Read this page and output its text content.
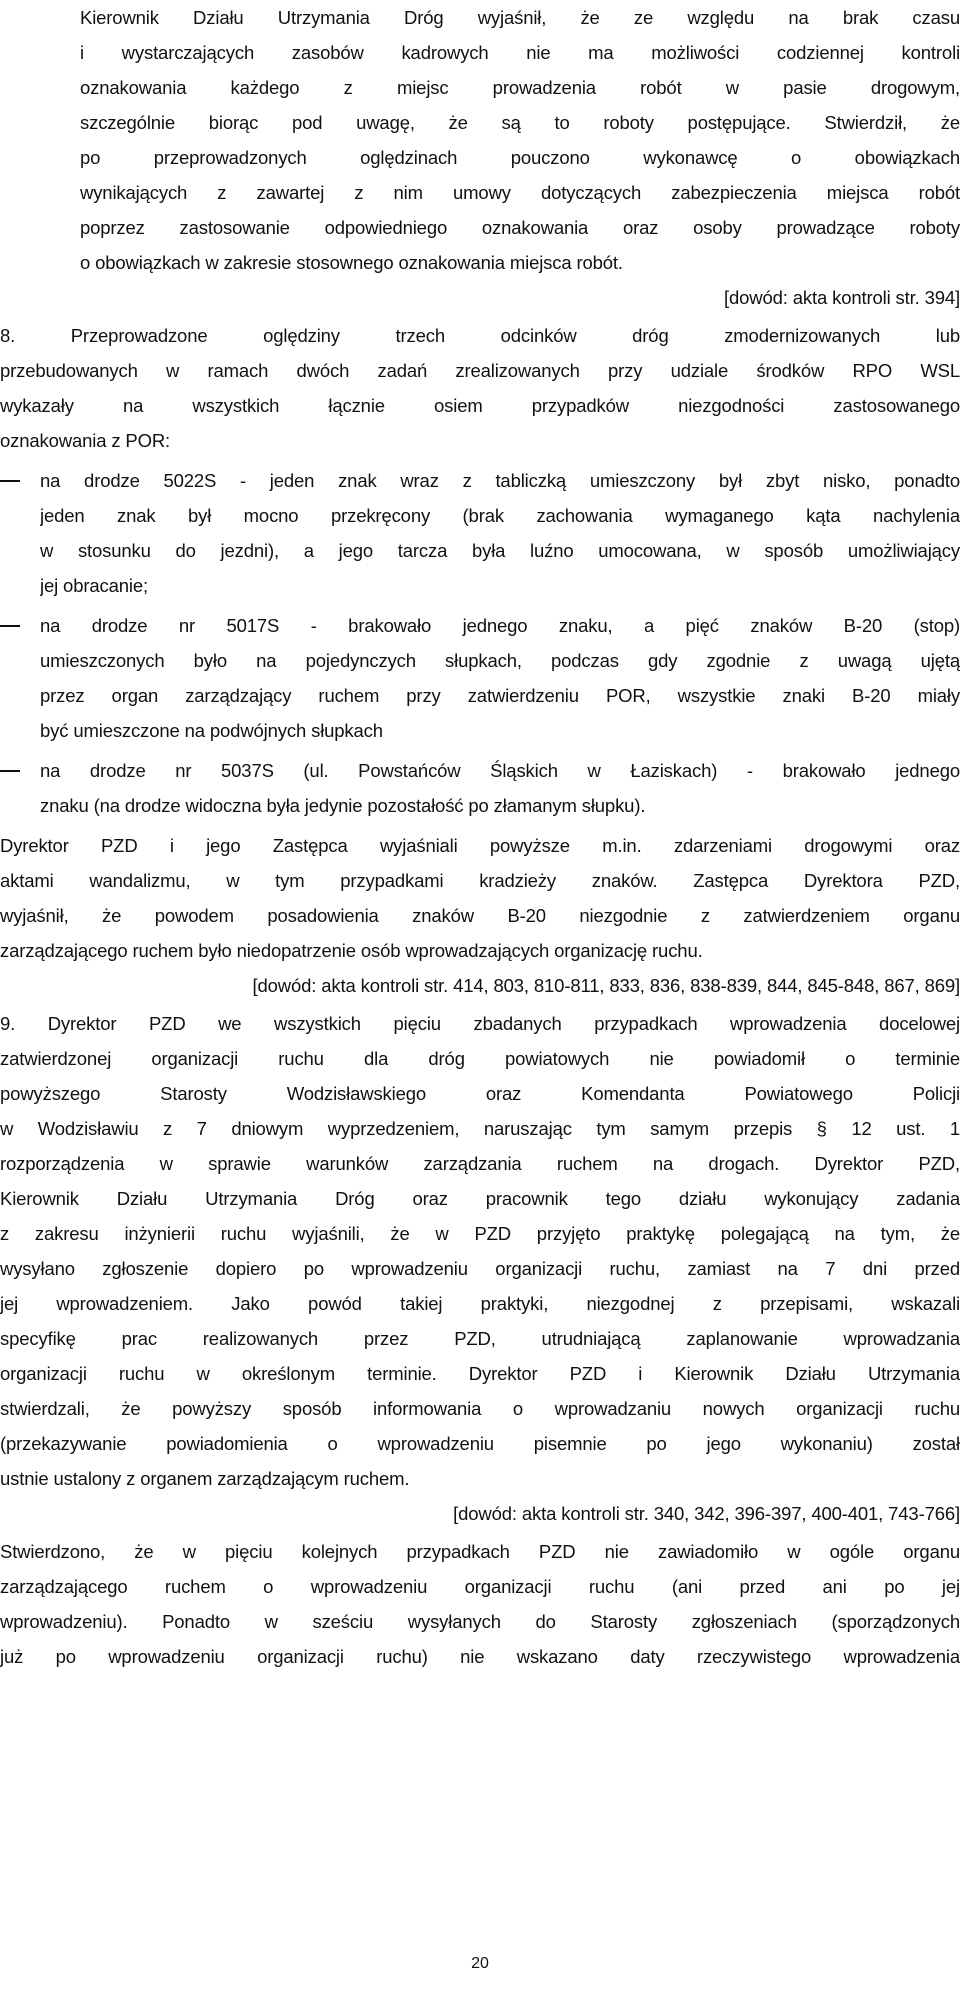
Kierownik Działu Utrzymania Dróg wyjaśnił, że ze względu na brak czasu
i wystarczających zasobów kadrowych nie ma możliwości codziennej kontroli
oznakowania każdego z miejsc prowadzenia robót w pasie drogowym,
szczególnie biorąc pod uwagę, że są to roboty postępujące. Stwierdził, że
po przeprowadzonych oględzinach pouczono wykonawcę o obowiązkach
wynikających z zawartej z nim umowy dotyczących zabezpieczenia miejsca robót
poprzez zastosowanie odpowiedniego oznakowania oraz osoby prowadzące roboty
o obowiązkach w zakresie stosownego oznakowania miejsca robót.
[dowód: akta kontroli str. 394]
8. Przeprowadzone oględziny trzech odcinków dróg zmodernizowanych lub
przebudowanych w ramach dwóch zadań zrealizowanych przy udziale środków RPO WSL
wykazały na wszystkich łącznie osiem przypadków niezgodności zastosowanego
oznakowania z POR:
na drodze 5022S - jeden znak wraz z tabliczką umieszczony był zbyt nisko, ponadto
jeden znak był mocno przekręcony (brak zachowania wymaganego kąta nachylenia
w stosunku do jezdni), a jego tarcza była luźno umocowana, w sposób umożliwiający
jej obracanie;
na drodze nr 5017S - brakowało jednego znaku, a pięć znaków B-20 (stop)
umieszczonych było na pojedynczych słupkach, podczas gdy zgodnie z uwagą ujętą
przez organ zarządzający ruchem przy zatwierdzeniu POR, wszystkie znaki B-20 miały
być umieszczone na podwójnych słupkach
na drodze nr 5037S (ul. Powstańców Śląskich w Łaziskach) - brakowało jednego
znaku (na drodze widoczna była jedynie pozostałość po złamanym słupku).
Dyrektor PZD i jego Zastępca wyjaśniali powyższe m.in. zdarzeniami drogowymi oraz
aktami wandalizmu, w tym przypadkami kradzieży znaków. Zastępca Dyrektora PZD,
wyjaśnił, że powodem posadowienia znaków B-20 niezgodnie z zatwierdzeniem organu
zarządzającego ruchem było niedopatrzenie osób wprowadzających organizację ruchu.
[dowód: akta kontroli str. 414, 803, 810-811, 833, 836, 838-839, 844, 845-848, 867, 869]
9. Dyrektor PZD we wszystkich pięciu zbadanych przypadkach wprowadzenia docelowej
zatwierdzonej organizacji ruchu dla dróg powiatowych nie powiadomił o terminie
powyższego Starosty Wodzisławskiego oraz Komendanta Powiatowego Policji
w Wodzisławiu z 7 dniowym wyprzedzeniem, naruszając tym samym przepis § 12 ust. 1
rozporządzenia w sprawie warunków zarządzania ruchem na drogach. Dyrektor PZD,
Kierownik Działu Utrzymania Dróg oraz pracownik tego działu wykonujący zadania
z zakresu inżynierii ruchu wyjaśnili, że w PZD przyjęto praktykę polegającą na tym, że
wysyłano zgłoszenie dopiero po wprowadzeniu organizacji ruchu, zamiast na 7 dni przed
jej wprowadzeniem. Jako powód takiej praktyki, niezgodnej z przepisami, wskazali
specyfikę prac realizowanych przez PZD, utrudniającą zaplanowanie wprowadzania
organizacji ruchu w określonym terminie. Dyrektor PZD i Kierownik Działu Utrzymania
stwierdzali, że powyższy sposób informowania o wprowadzaniu nowych organizacji ruchu
(przekazywanie powiadomienia o wprowadzeniu pisemnie po jego wykonaniu) został
ustnie ustalony z organem zarządzającym ruchem.
[dowód: akta kontroli str. 340, 342, 396-397, 400-401, 743-766]
Stwierdzono, że w pięciu kolejnych przypadkach PZD nie zawiadomiło w ogóle organu
zarządzającego ruchem o wprowadzeniu organizacji ruchu (ani przed ani po jej
wprowadzeniu). Ponadto w sześciu wysyłanych do Starosty zgłoszeniach (sporządzonych
już po wprowadzeniu organizacji ruchu) nie wskazano daty rzeczywistego wprowadzenia
20
